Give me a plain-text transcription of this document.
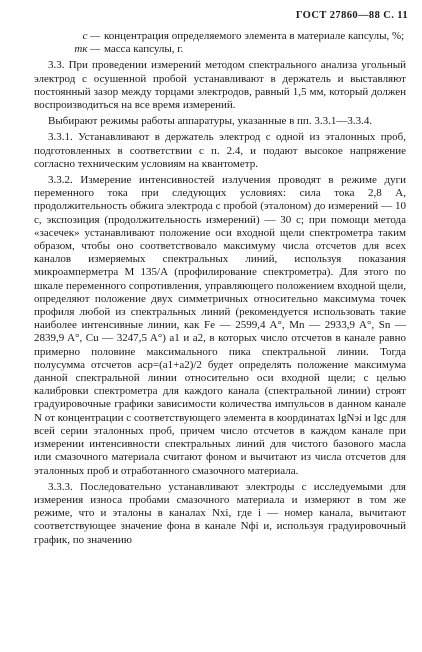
ГОСТ 27860—88 С. 11
c — концентрация определяемого элемента в материале капсулы, %;
mк — масса капсулы, г.

3.3. При проведении измерений методом спектрального анализа угольный электрод с осушенной пробой устанавливают в держатель и выставляют постоянный зазор между торцами электродов, равный 1,5 мм, который должен воспроизводиться на все время измерений.

Выбирают режимы работы аппаратуры, указанные в пп. 3.3.1—3.3.4.

3.3.1. Устанавливают в держатель электрод с одной из эталонных проб, подготовленных в соответствии с п. 2.4, и подают высокое напряжение согласно техническим условиям на квантометр.

3.3.2. Измерение интенсивностей излучения проводят в режиме дуги переменного тока при следующих условиях: сила тока 2,8 А, продолжительность обжига электрода с пробой (эталоном) до измерений — 10 с, экспозиция (продолжительность измерений) — 30 с; при помощи метода «засечек» устанавливают положение оси входной щели спектрометра таким образом, чтобы оно соответствовало максимуму числа отсчетов для всех каналов измеряемых спектральных линий, используя показания микроамперметра М 135/А (профилирование спектрометра). Для этого по шкале переменного сопротивления, управляющего положением входной щели, определяют положение двух симметричных относительно максимума точек профиля любой из спектральных линий (рекомендуется использовать такие наиболее интенсивные линии, как Fe — 2599,4 A°, Mn — 2933,9 A°, Sn — 2839,9 A°, Cu — 3247,5 A°) a1 и a2, в которых число отсчетов в канале равно примерно половине максимального пика спектральной линии. Тогда полусумма отсчетов aср=(a1+a2)/2 будет определять положение максимума данной спектральной линии относительно оси входной щели; с целью калибровки спектрометра для каждого канала (спектральной линии) строят градуировочные графики зависимости количества импульсов в данном канале N от концентрации с соответствующего элемента в координатах lgNэi и lgc для всей серии эталонных проб, причем число отсчетов в каждом канале при измерении интенсивности спектральных линий для чистого базового масла или смазочного материала считают фоном и вычитают из числа отсчетов для эталонных проб и отработанного смазочного материала.

3.3.3. Последовательно устанавливают электроды с исследуемыми для измерения износа пробами смазочного материала и измеряют в том же режиме, что и эталоны в каналах Nxi, где i — номер канала, вычитают соответствующее значение фона в канале Nфi и, используя градуировочный график, по значению
